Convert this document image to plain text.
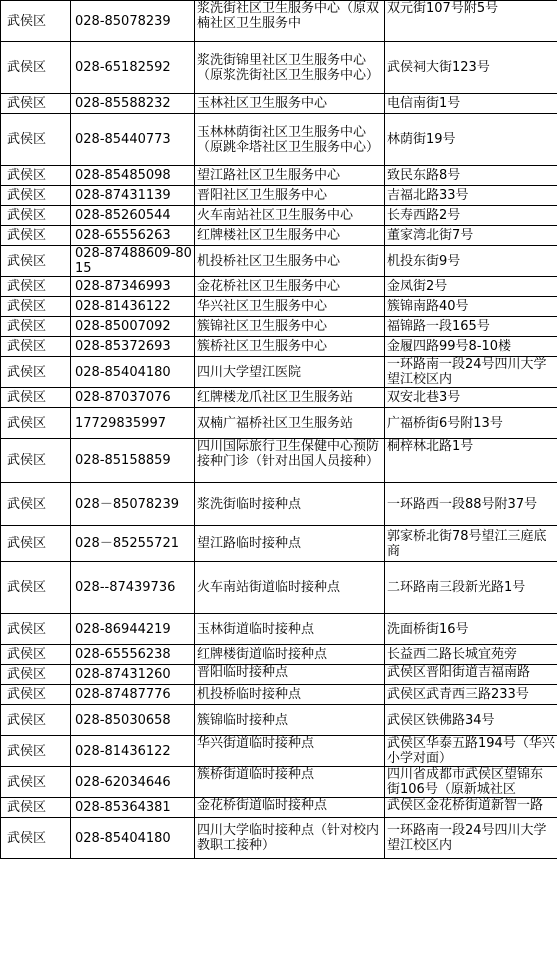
武侯区	028-85078239	浆洗街社区卫生服务中心（原双楠社区卫生服务中	双元街107号附5号
武侯区	028-65182592	浆洗街锦里社区卫生服务中心（原浆洗街社区卫生服务中心）	武侯祠大街123号
武侯区	028-85588232	玉林社区卫生服务中心	电信南街1号
武侯区	028-85440773	玉林林荫街社区卫生服务中心（原跳伞塔社区卫生服务中心）	林荫街19号
武侯区	028-85485098	望江路社区卫生服务中心	致民东路8号
武侯区	028-87431139	晋阳社区卫生服务中心	吉福北路33号
武侯区	028-85260544	火车南站社区卫生服务中心	长寿西路2号
武侯区	028-65556263	红牌楼社区卫生服务中心	董家湾北街7号
武侯区	028-87488609-8015	机投桥社区卫生服务中心	机投东街9号
武侯区	028-87346993	金花桥社区卫生服务中心	金凤街2号
武侯区	028-81436122	华兴社区卫生服务中心	簇锦南路40号
武侯区	028-85007092	簇锦社区卫生服务中心	福锦路一段165号
武侯区	028-85372693	簇桥社区卫生服务中心	金履四路99号8-10楼
武侯区	028-85404180	四川大学望江医院	一环路南一段24号四川大学望江校区内
武侯区	028-87037076	红牌楼龙爪社区卫生服务站	双安北巷3号
武侯区	17729835997	双楠广福桥社区卫生服务站	广福桥街6号附13号
武侯区	028-85158859	四川国际旅行卫生保健中心预防接种门诊（针对出国人员接种）	桐梓林北路1号
武侯区	028－85078239	浆洗街临时接种点	一环路西一段88号附37号
武侯区	028－85255721	望江路临时接种点	郭家桥北街78号望江三庭底商
武侯区	028--87439736	火车南站街道临时接种点	二环路南三段新光路1号
武侯区	028-86944219	玉林街道临时接种点	洗面桥街16号
武侯区	028-65556238	红牌楼街道临时接种点	长益西二路长城宜苑旁
武侯区	028-87431260	晋阳临时接种点	武侯区晋阳街道吉福南路
武侯区	028-87487776	机投桥临时接种点	武侯区武青西三路233号
武侯区	028-85030658	簇锦临时接种点	武侯区铁佛路34号
武侯区	028-81436122	华兴街道临时接种点	武侯区华泰五路194号（华兴小学对面）
武侯区	028-62034646	簇桥街道临时接种点	四川省成都市武侯区望锦东街106号（原新城社区
武侯区	028-85364381	金花桥街道临时接种点	武侯区金花桥街道新智一路
武侯区	028-85404180	四川大学临时接种点（针对校内教职工接种）	一环路南一段24号四川大学望江校区内
